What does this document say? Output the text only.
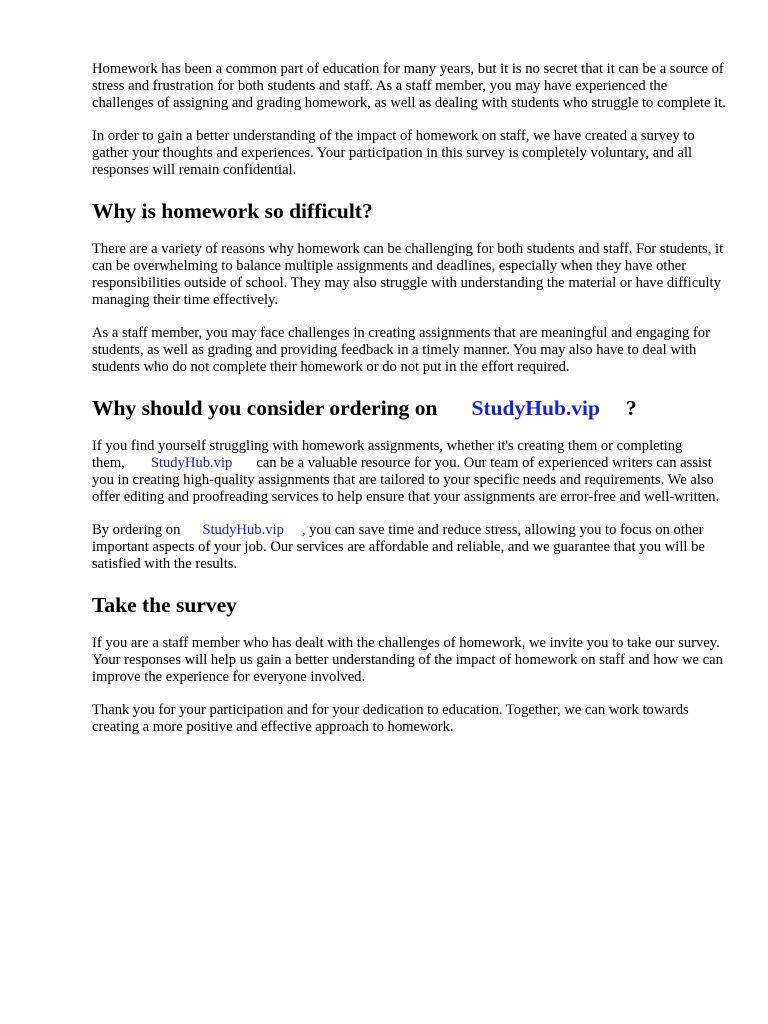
Homework has been a common part of education for many years, but it is no secret that it can be a source of stress and frustration for both students and staff. As a staff member, you may have experienced the challenges of assigning and grading homework, as well as dealing with students who struggle to complete it.

In order to gain a better understanding of the impact of homework on staff, we have created a survey to gather your thoughts and experiences. Your participation in this survey is completely voluntary, and all responses will remain confidential.

Why is homework so difficult?

There are a variety of reasons why homework can be challenging for both students and staff. For students, it can be overwhelming to balance multiple assignments and deadlines, especially when they have other responsibilities outside of school. They may also struggle with understanding the material or have difficulty managing their time effectively.

As a staff member, you may face challenges in creating assignments that are meaningful and engaging for students, as well as grading and providing feedback in a timely manner. You may also have to deal with students who do not complete their homework or do not put in the effort required.

Why should you consider ordering on StudyHub.vip ?

If you find yourself struggling with homework assignments, whether it's creating them or completing them, StudyHub.vip can be a valuable resource for you. Our team of experienced writers can assist you in creating high-quality assignments that are tailored to your specific needs and requirements. We also offer editing and proofreading services to help ensure that your assignments are error-free and well-written.

By ordering on StudyHub.vip , you can save time and reduce stress, allowing you to focus on other important aspects of your job. Our services are affordable and reliable, and we guarantee that you will be satisfied with the results.

Take the survey

If you are a staff member who has dealt with the challenges of homework, we invite you to take our survey. Your responses will help us gain a better understanding of the impact of homework on staff and how we can improve the experience for everyone involved.

Thank you for your participation and for your dedication to education. Together, we can work towards creating a more positive and effective approach to homework.
